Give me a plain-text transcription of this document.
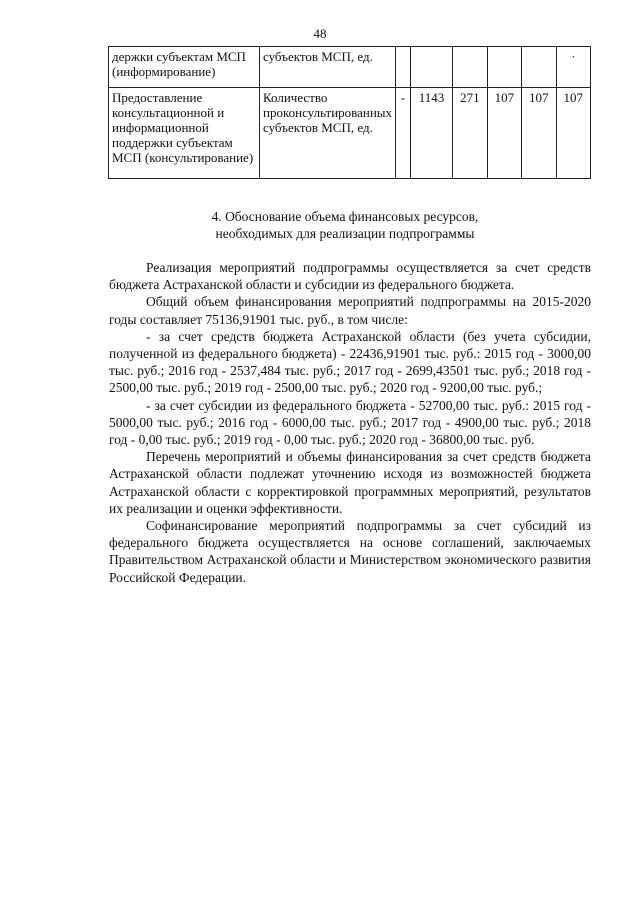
48
держки субъектам МСП (информирование)	субъектов МСП, ед.						·
Предоставление консультационной и информационной поддержки субъектам МСП (консультирование)	Количество проконсультированных субъектов МСП, ед.	-	1143	271	107	107	107
4. Обоснование объема финансовых ресурсов,
необходимых для реализации подпрограммы

Реализация мероприятий подпрограммы осуществляется за счет средств бюджета Астраханской области и субсидии из федерального бюджета.

Общий объем финансирования мероприятий подпрограммы на 2015-2020 годы составляет 75136,91901 тыс. руб., в том числе:

- за счет средств бюджета Астраханской области (без учета субсидии, полученной из федерального бюджета) - 22436,91901 тыс. руб.: 2015 год - 3000,00 тыс. руб.; 2016 год - 2537,484 тыс. руб.; 2017 год - 2699,43501 тыс. руб.; 2018 год - 2500,00 тыс. руб.; 2019 год - 2500,00 тыс. руб.; 2020 год - 9200,00 тыс. руб.;

- за счет субсидии из федерального бюджета - 52700,00 тыс. руб.: 2015 год - 5000,00 тыс. руб.; 2016 год - 6000,00 тыс. руб.; 2017 год - 4900,00 тыс. руб.; 2018 год - 0,00 тыс. руб.; 2019 год - 0,00 тыс. руб.; 2020 год - 36800,00 тыс. руб.

Перечень мероприятий и объемы финансирования за счет средств бюджета Астраханской области подлежат уточнению исходя из возможностей бюджета Астраханской области с корректировкой программных мероприятий, результатов их реализации и оценки эффективности.

Софинансирование мероприятий подпрограммы за счет субсидий из федерального бюджета осуществляется на основе соглашений, заключаемых Правительством Астраханской области и Министерством экономического развития Российской Федерации.
